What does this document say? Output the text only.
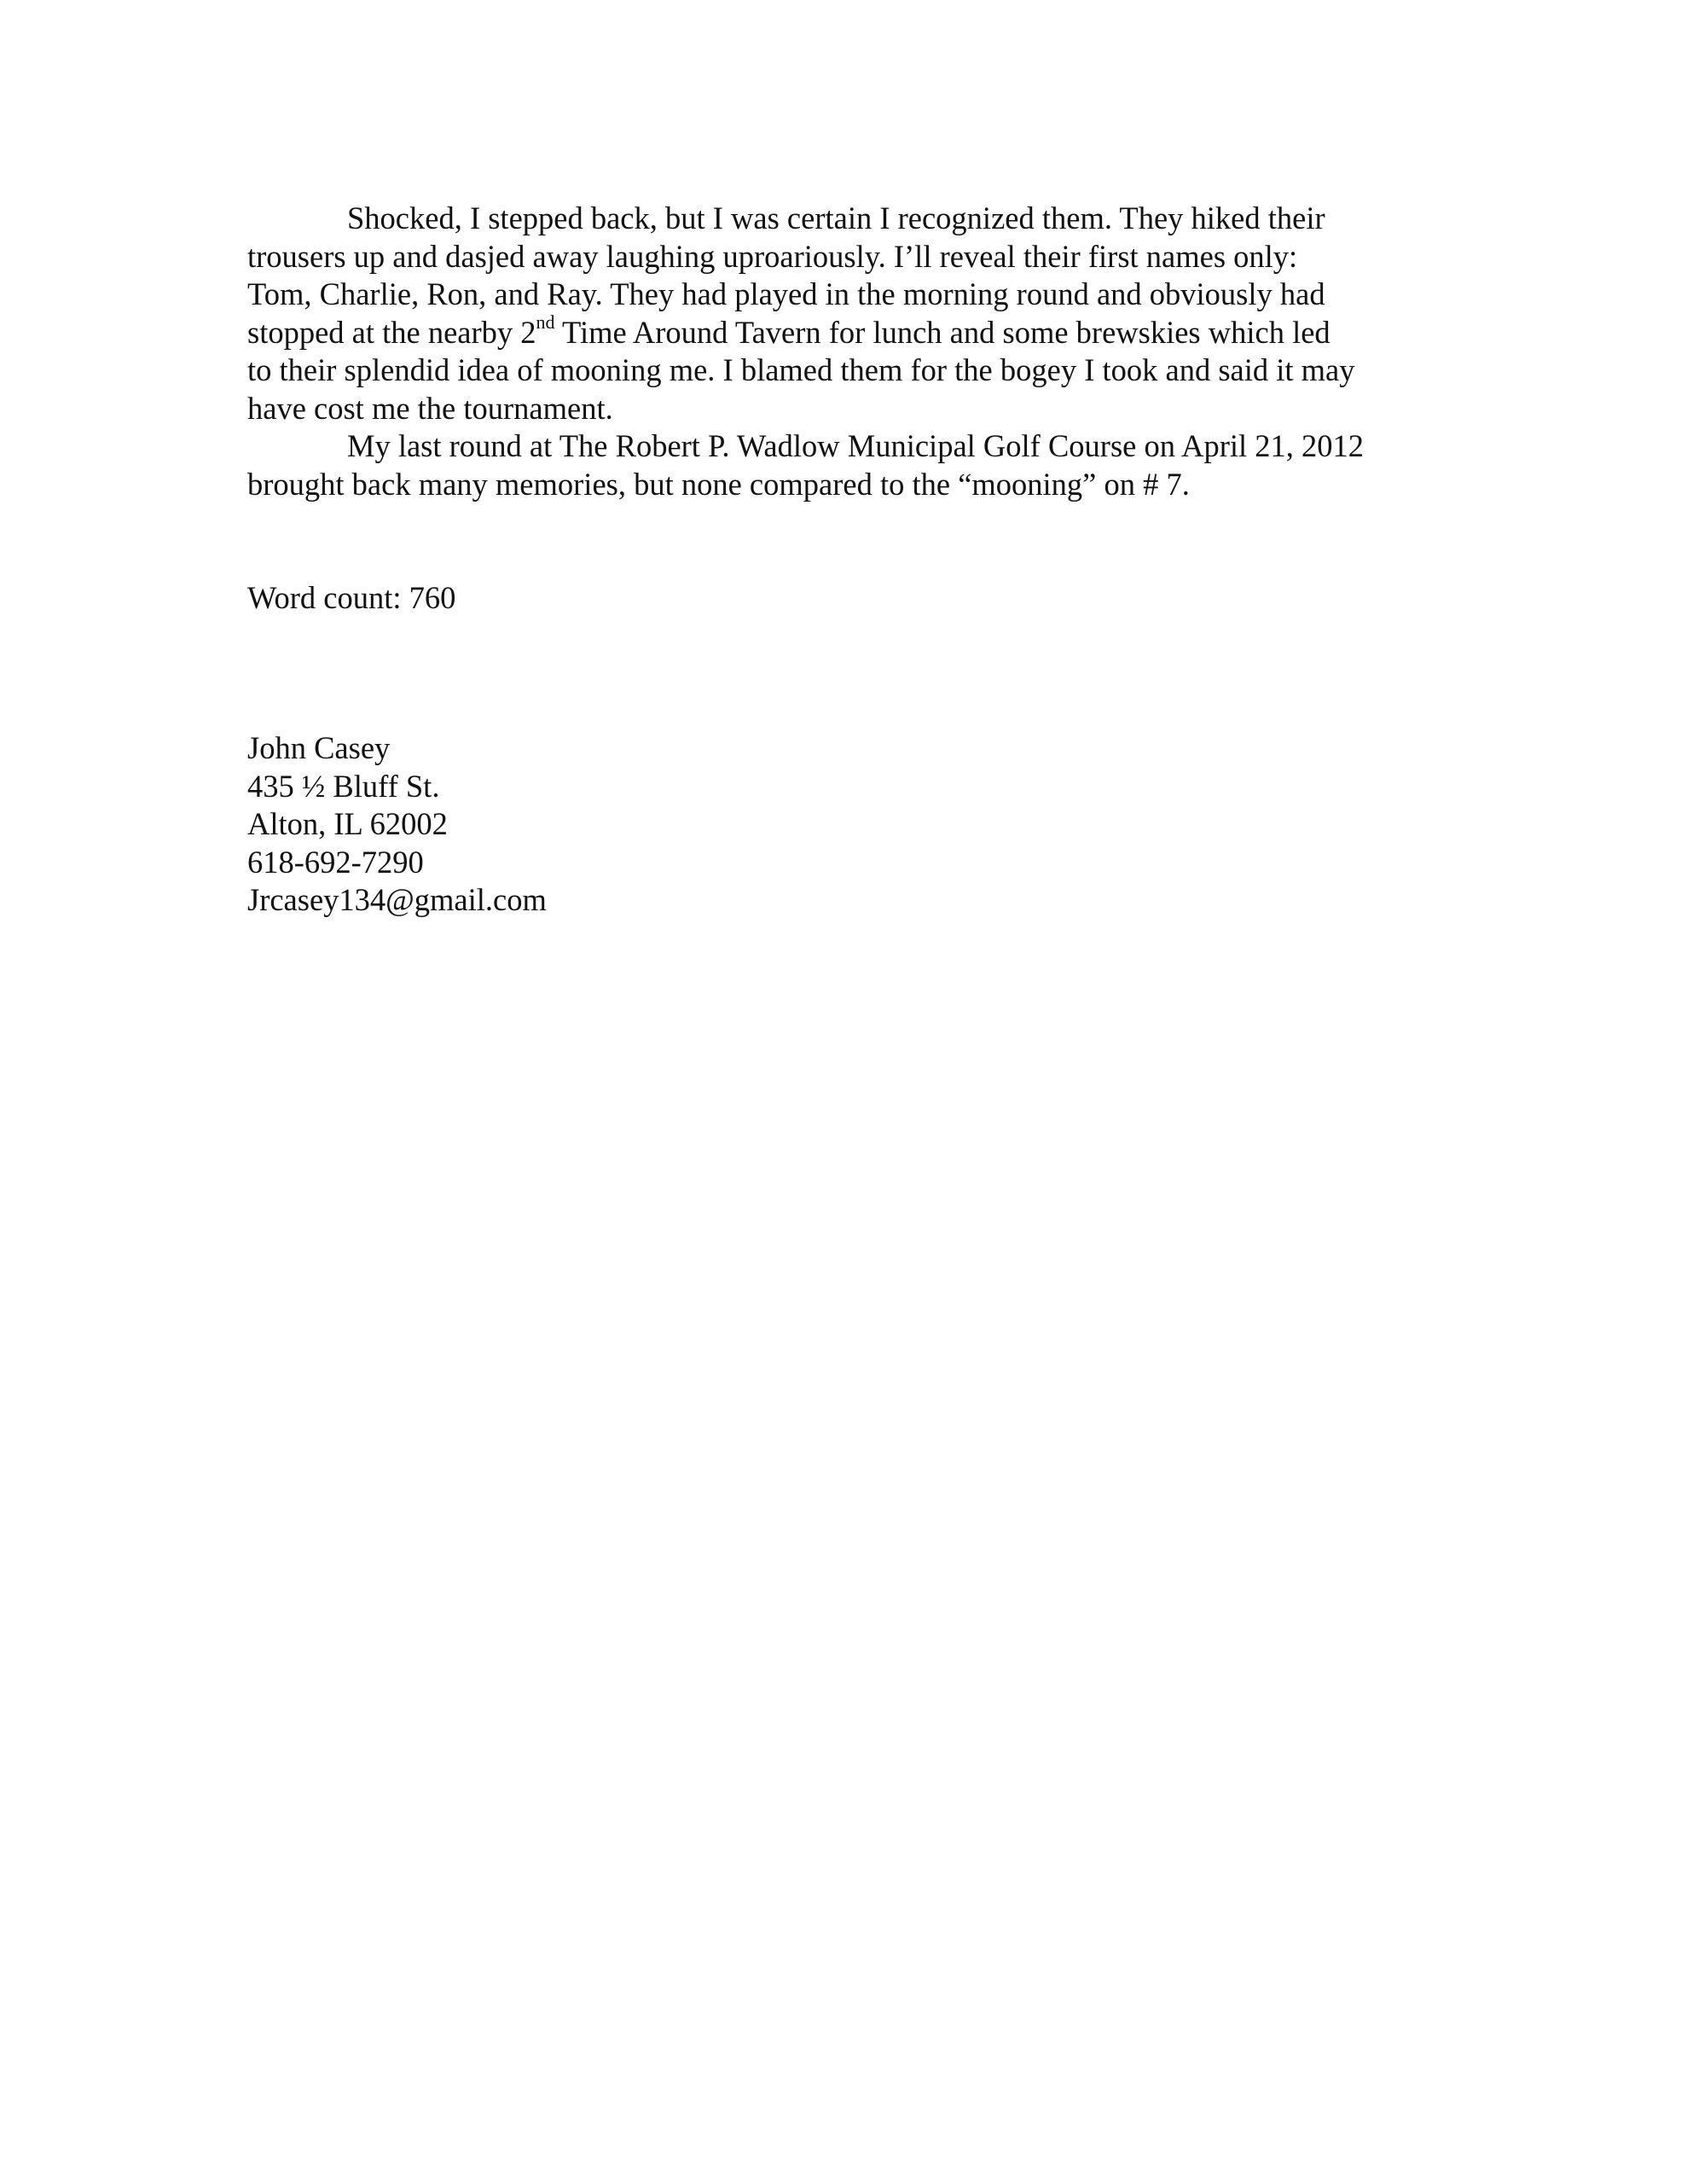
Shocked, I stepped back, but I was certain I recognized them. They hiked their
trousers up and dasjed away laughing uproariously. I’ll reveal their first names only:
Tom, Charlie, Ron, and Ray. They had played in the morning round and obviously had
stopped at the nearby 2nd Time Around Tavern for lunch and some brewskies which led
to their splendid idea of mooning me. I blamed them for the bogey I took and said it may
have cost me the tournament.

My last round at The Robert P. Wadlow Municipal Golf Course on April 21, 2012
brought back many memories, but none compared to the “mooning” on # 7.

Word count: 760
John Casey
435 ½ Bluff St.
Alton, IL 62002
618-692-7290
Jrcasey134@gmail.com
